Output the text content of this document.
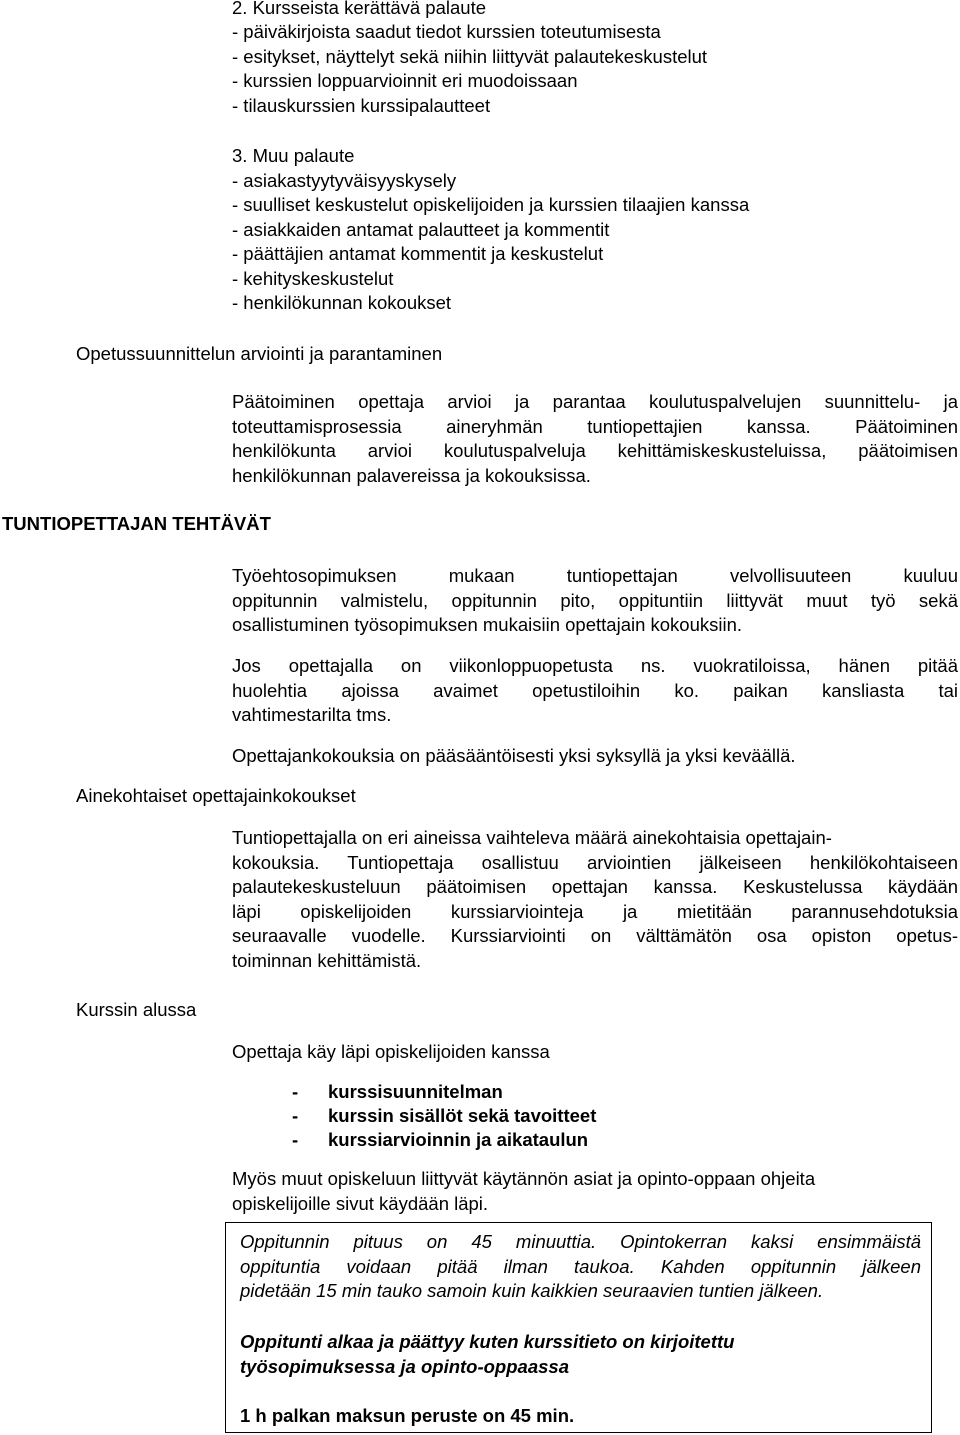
2. Kursseista kerättävä palaute
- päiväkirjoista saadut tiedot kurssien toteutumisesta
- esitykset, näyttelyt sekä niihin liittyvät palautekeskustelut
- kurssien loppuarvioinnit eri muodoissaan
- tilauskurssien kurssipalautteet
3. Muu palaute
- asiakastyytyväisyyskysely
- suulliset keskustelut opiskelijoiden ja kurssien tilaajien kanssa
- asiakkaiden antamat palautteet ja kommentit
- päättäjien antamat kommentit ja keskustelut
- kehityskeskustelut
- henkilökunnan kokoukset
Opetussuunnittelun arviointi ja parantaminen
Päätoiminen opettaja arvioi ja parantaa koulutuspalvelujen suunnittelu- ja
toteuttamisprosessia aineryhmän tuntiopettajien kanssa. Päätoiminen
henkilökunta arvioi koulutuspalveluja kehittämiskeskusteluissa, päätoimisen
henkilökunnan palavereissa ja kokouksissa.
TUNTIOPETTAJAN TEHTÄVÄT
Työehtosopimuksen mukaan tuntiopettajan velvollisuuteen kuuluu
oppitunnin valmistelu, oppitunnin pito, oppituntiin liittyvät muut työ sekä
osallistuminen työsopimuksen mukaisiin opettajain kokouksiin.
Jos opettajalla on viikonloppuopetusta ns. vuokratiloissa, hänen pitää
huolehtia ajoissa avaimet opetustiloihin ko. paikan kansliasta tai
vahtimestarilta tms.
Opettajankokouksia on pääsääntöisesti yksi syksyllä ja yksi keväällä.
Ainekohtaiset opettajainkokoukset
Tuntiopettajalla on eri aineissa vaihteleva määrä ainekohtaisia opettajain-
kokouksia. Tuntiopettaja osallistuu arviointien jälkeiseen henkilökohtaiseen
palautekeskusteluun päätoimisen opettajan kanssa. Keskustelussa käydään
läpi opiskelijoiden kurssiarviointeja ja mietitään parannusehdotuksia
seuraavalle vuodelle. Kurssiarviointi on välttämätön osa opiston opetus-
toiminnan kehittämistä.
Kurssin alussa
Opettaja käy läpi opiskelijoiden kanssa
- kurssisuunnitelman
- kurssin sisällöt sekä tavoitteet
- kurssiarvioinnin ja aikataulun
Myös muut opiskeluun liittyvät käytännön asiat ja opinto-oppaan ohjeita
opiskelijoille sivut käydään läpi.
Oppitunnin pituus on 45 minuuttia. Opintokerran kaksi ensimmäistä
oppituntia voidaan pitää ilman taukoa. Kahden oppitunnin jälkeen
pidetään 15 min tauko samoin kuin kaikkien seuraavien tuntien jälkeen.
Oppitunti alkaa ja päättyy kuten kurssitieto on kirjoitettu
työsopimuksessa ja opinto-oppaassa
1 h palkan maksun peruste on 45 min.
